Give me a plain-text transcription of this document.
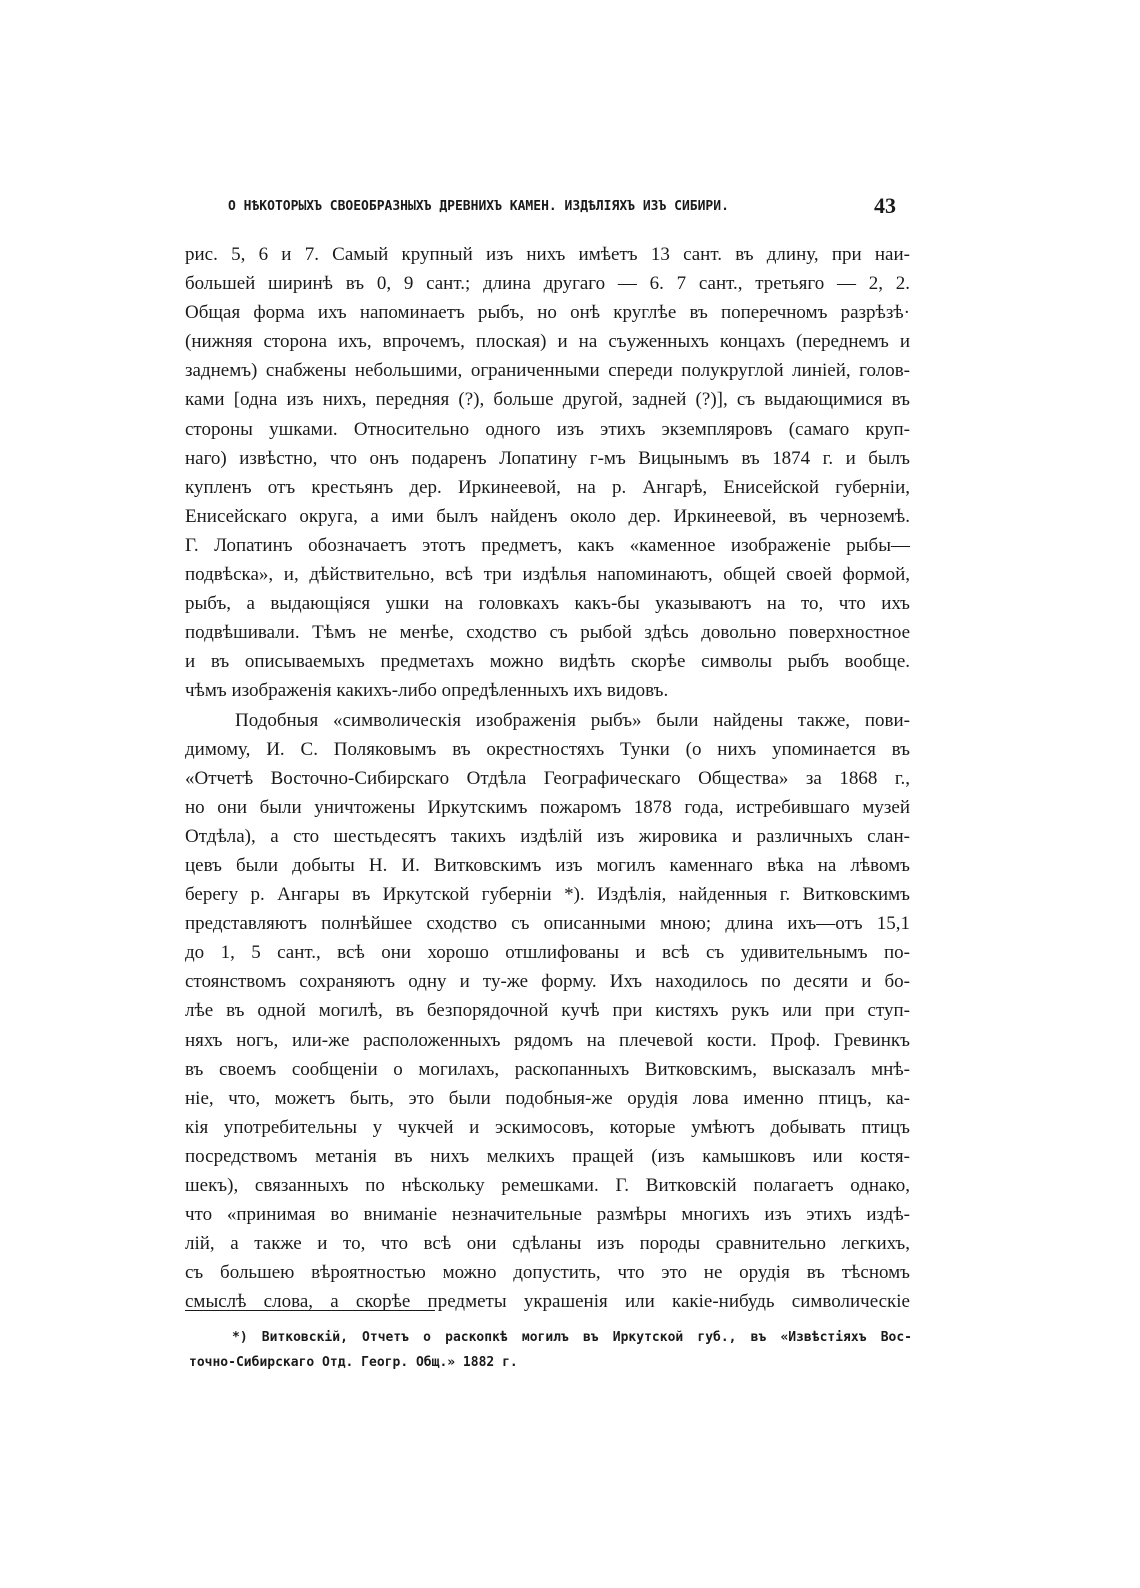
О НѢКОТОРЫХЪ СВОЕОБРАЗНЫХЪ ДРЕВНИХЪ КАМЕН. ИЗДѢЛІЯХЪ ИЗЪ СИБИРИ.	43
рис. 5, 6 и 7. Самый крупный изъ нихъ имѣетъ 13 сант. въ длину, при наи-
большей ширинѣ въ 0, 9 сант.; длина другаго — 6. 7 сант., третьяго — 2, 2.
Общая форма ихъ напоминаетъ рыбъ, но онѣ круглѣе въ поперечномъ разрѣзѣ·
(нижняя сторона ихъ, впрочемъ, плоская) и на съуженныхъ концахъ (переднемъ и
заднемъ) снабжены небольшими, ограниченными спереди полукруглой линіей, голов-
ками [одна изъ нихъ, передняя (?), больше другой, задней (?)], съ выдающимися въ
стороны ушками. Относительно одного изъ этихъ экземпляровъ (самаго круп-
наго) извѣстно, что онъ подаренъ Лопатину г-мъ Вицынымъ въ 1874 г. и былъ
купленъ отъ крестьянъ дер. Иркинеевой, на р. Ангарѣ, Енисейской губерніи,
Енисейскаго округа, а ими былъ найденъ около дер. Иркинеевой, въ черноземѣ.
Г. Лопатинъ обозначаетъ этотъ предметъ, какъ «каменное изображеніе рыбы—
подвѣска», и, дѣйствительно, всѣ три издѣлья напоминаютъ, общей своей формой,
рыбъ, а выдающіяся ушки на головкахъ какъ-бы указываютъ на то, что ихъ
подвѣшивали. Тѣмъ не менѣе, сходство съ рыбой здѣсь довольно поверхностное
и въ описываемыхъ предметахъ можно видѣть скорѣе символы рыбъ вообще.
чѣмъ изображенія какихъ-либо опредѣленныхъ ихъ видовъ.
Подобныя «символическія изображенія рыбъ» были найдены также, пови-
димому, И. С. Поляковымъ въ окрестностяхъ Тунки (о нихъ упоминается въ
«Отчетѣ Восточно-Сибирскаго Отдѣла Географическаго Общества» за 1868 г.,
но они были уничтожены Иркутскимъ пожаромъ 1878 года, истребившаго музей
Отдѣла), а сто шестьдесятъ такихъ издѣлій изъ жировика и различныхъ слан-
цевъ были добыты Н. И. Витковскимъ изъ могилъ каменнаго вѣка на лѣвомъ
берегу р. Ангары въ Иркутской губерніи *). Издѣлія, найденныя г. Витковскимъ
представляютъ полнѣйшее сходство съ описанными мною; длина ихъ—отъ 15,1
до 1, 5 сант., всѣ они хорошо отшлифованы и всѣ съ удивительнымъ по-
стоянствомъ сохраняютъ одну и ту-же форму. Ихъ находилось по десяти и бо-
лѣе въ одной могилѣ, въ безпорядочной кучѣ при кистяхъ рукъ или при ступ-
няхъ ногъ, или-же расположенныхъ рядомъ на плечевой кости. Проф. Гревинкъ
въ своемъ сообщеніи о могилахъ, раскопанныхъ Витковскимъ, высказалъ мнѣ-
ніе, что, можетъ быть, это были подобныя-же орудія лова именно птицъ, ка-
кія употребительны у чукчей и эскимосовъ, которые умѣютъ добывать птицъ
посредствомъ метанія въ нихъ мелкихъ пращей (изъ камышковъ или костя-
шекъ), связанныхъ по нѣскольку ремешками. Г. Витковскій полагаетъ однако,
что «принимая во вниманіе незначительные размѣры многихъ изъ этихъ издѣ-
лій, а также и то, что всѣ они сдѣланы изъ породы сравнительно легкихъ,
съ большею вѣроятностью можно допустить, что это не орудія въ тѣсномъ
смыслѣ слова, а скорѣе предметы украшенія или какіе-нибудь символическіе
*) Витковскій, Отчетъ о раскопкѣ могилъ въ Иркутской губ., въ «Извѣстіяхъ Вос-
точно-Сибирскаго Отд. Геогр. Общ.» 1882 г.
